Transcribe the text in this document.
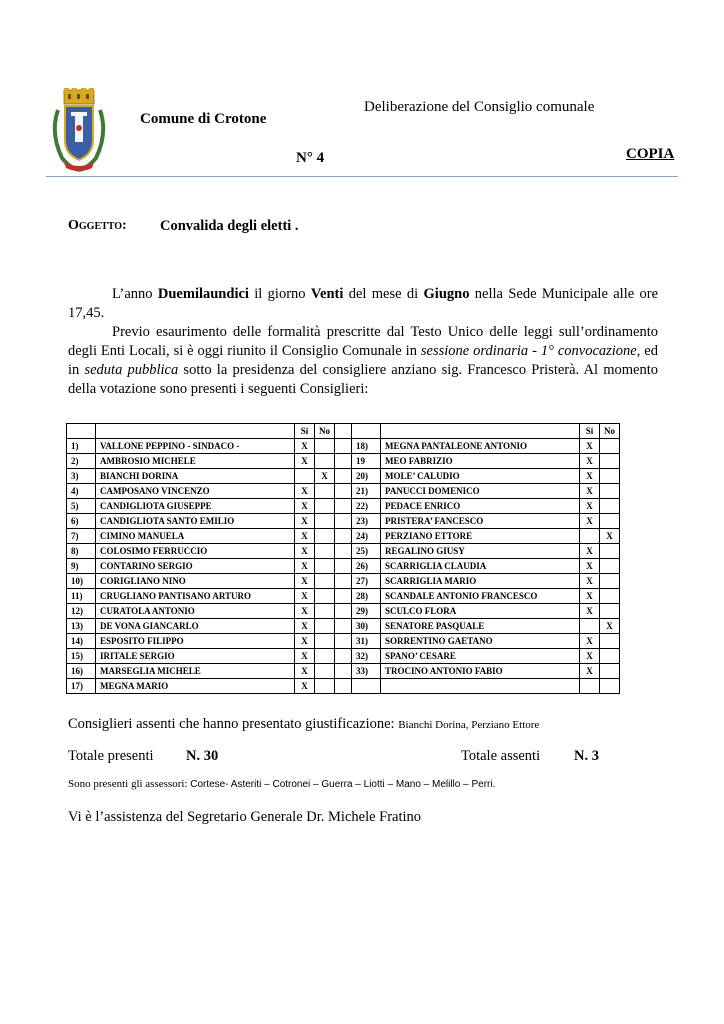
Comune di Crotone
Deliberazione del Consiglio comunale
N° 4	COPIA
Oggetto: Convalida degli eletti .

L’anno Duemilaundici il giorno Venti del mese di Giugno nella Sede Municipale alle ore 17,45.

Previo esaurimento delle formalità prescritte dal Testo Unico delle leggi sull’ordinamento degli Enti Locali, si è oggi riunito il Consiglio Comunale in sessione ordinaria - 1° convocazione, ed in seduta pubblica sotto la presidenza del consigliere anziano sig. Francesco Pristerà. Al momento della votazione sono presenti i seguenti Consiglieri:

		Si	No				Si	No
1)	VALLONE PEPPINO - SINDACO -	X			18)	MEGNA PANTALEONE ANTONIO	X	
2)	AMBROSIO MICHELE	X			19	MEO FABRIZIO	X	
3)	BIANCHI DORINA		X		20)	MOLE’ CALUDIO	X	
4)	CAMPOSANO VINCENZO	X			21)	PANUCCI DOMENICO	X	
5)	CANDIGLIOTA GIUSEPPE	X			22)	PEDACE ENRICO	X	
6)	CANDIGLIOTA SANTO EMILIO	X			23)	PRISTERA’ FANCESCO	X	
7)	CIMINO MANUELA	X			24)	PERZIANO ETTORE		X
8)	COLOSIMO FERRUCCIO	X			25)	REGALINO GIUSY	X	
9)	CONTARINO SERGIO	X			26)	SCARRIGLIA CLAUDIA	X	
10)	CORIGLIANO NINO	X			27)	SCARRIGLIA MARIO	X	
11)	CRUGLIANO PANTISANO ARTURO	X			28)	SCANDALE ANTONIO FRANCESCO	X	
12)	CURATOLA ANTONIO	X			29)	SCULCO FLORA	X	
13)	DE VONA GIANCARLO	X			30)	SENATORE PASQUALE		X
14)	ESPOSITO FILIPPO	X			31)	SORRENTINO GAETANO	X	
15)	IRITALE SERGIO	X			32)	SPANO’ CESARE	X	
16)	MARSEGLIA MICHELE	X			33)	TROCINO ANTONIO FABIO	X	
17)	MEGNA MARIO	X						
Consiglieri assenti che hanno presentato giustificazione: Bianchi Dorina, Perziano Ettore
Totale presenti N. 30	Totale assenti N. 3
Sono presenti gli assessori: Cortese- Asteriti – Cotronei – Guerra – Liotti – Mano – Melillo – Perri.
Vi è l’assistenza del Segretario Generale Dr. Michele Fratino
